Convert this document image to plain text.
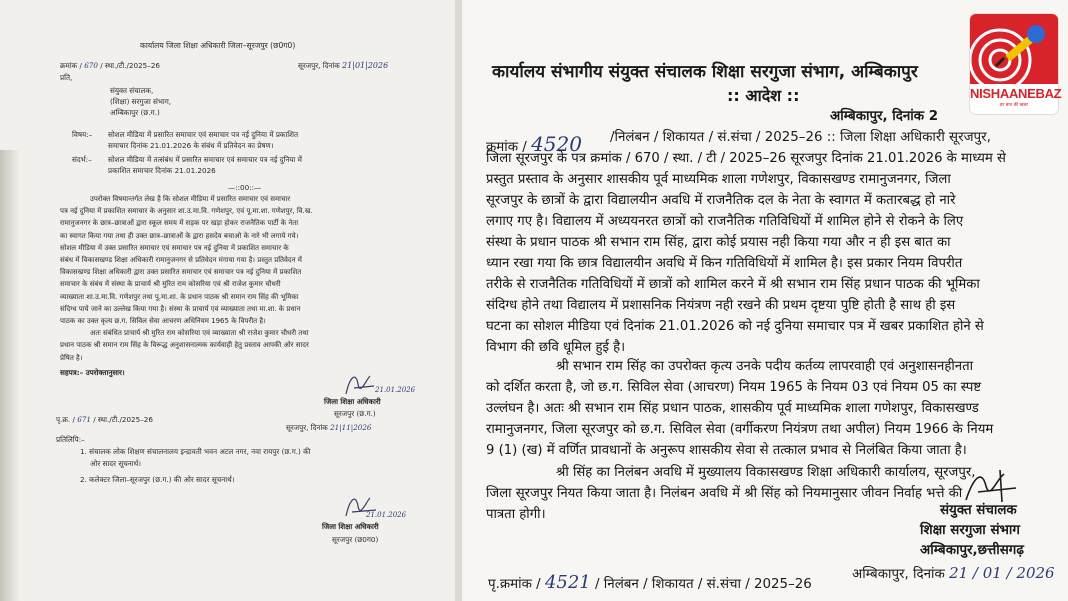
कार्यालय जिला शिक्षा अधिकारी जिला–सूरजपुर (छ0ग0)
क्रमांक / 670 / स्था./टी./2025–26	सूरजपुर, दिनांक 21|01|2026
प्रति,
संयुक्त संचालक,
(शिक्षा) सरगुजा संभाग,
अम्बिकापुर (छ.ग.)
विषय:– सोशल मीडिया में प्रसारित समाचार एवं समाचार पत्र नई दुनिया में प्रकाशित
समाचार दिनांक 21.01.2026 के संबंध में प्रतिवेदन का प्रेषण।
संदर्भ:– सोशल मीडिया में तत्संबंध में प्रसारित समाचार एवं समाचार पत्र नई दुनिया में
प्रकाशित समाचार दिनांक 21.01.2026
—::00::—
उपरोक्त विषयान्तर्गत लेख है कि सोशल मीडिया में प्रसारित समाचार एवं समाचार
पत्र नई दुनिया में प्रकाशित समाचार के अनुसार शा.उ.मा.वि. गणेशपुर, एवं पू.मा.शा. गणेशपुर, वि.ख.
रामानुजनगर के छात्र–छात्राओं द्वारा स्कूल समय में सड़क पर खड़ा होकर राजनैतिक पार्टी के नेता
का स्वागत किया गया तथा ही उक्त छात्र–छात्राओं के द्वारा हसदेव बचाओ के नारे भी लगाये गये।
सोशल मीडिया में उक्त प्रसारित समाचार एवं समाचार पत्र नई दुनिया में प्रकाशित समाचार के
संबंध में विकासखण्ड शिक्षा अधिकारी रामानुजनगर से प्रतिवेदन मंगाया गया है। प्रस्तुत प्रतिवेदन में
विकासखण्ड शिक्षा अधिकारी द्वारा उक्त प्रसारित समाचार एवं समाचार पत्र नई दुनिया में प्रकाशित
समाचार के संबंध में संस्था के प्राचार्य श्री मुरित राम कोसरिया एवं श्री राजेश कुमार चौधरी
व्याख्याता शा.उ.मा.वि. गणेशपुर तथा पू.मा.शा. के प्रधान पाठक श्री समान राम सिंह की भूमिका
संदिग्ध पाये जाने का उल्लेख किया गया है। संस्था के प्राचार्य एवं व्याख्याता तथा मा.शा. के प्रधान
पाठक का उक्त कृत्य छ.ग. सिविल सेवा आचरण अधिनियम 1965 के विपरीत है।
अतः संबंधित प्राचार्य श्री मुरित राम कोसरिया एवं व्याख्याता श्री राजेश कुमार चौधरी तथा
प्रधान पाठक श्री समान राम सिंह के विरूद्ध अनुशासनात्मक कार्यवाही हेतु प्रस्ताव आपकी ओर सादर
प्रेषित है।
सहपत्र:– उपरोक्तानुसार।
21.01.2026
जिला शिक्षा अधिकारी
सूरजपुर (छ.ग.)
पृ.क्र. / 671 / स्था./टी./2025–26
सूरजपुर, दिनांक 21|11|2026
प्रतिलिपि:–
1. संचालक लोक शिक्षण संचालनालय इन्द्रावती भवन अटल नगर, नवा रायपुर (छ.ग.) की
ओर सादर सूचनार्थ।
2. कलेक्टर जिला–सूरजपुर (छ.ग.) की ओर सादर सूचनार्थ।
21.01.2026
जिला शिक्षा अधिकारी
सूरजपुर (छ0ग0)
कार्यालय संभागीय संयुक्त संचालक शिक्षा सरगुजा संभाग, अम्बिकापुर
:: आदेश ::
अम्बिकापुर, दिनांक 2
क्रमांक / 4520 /निलंबन / शिकायत / सं.संचा / 2025–26 :: जिला शिक्षा अधिकारी सूरजपुर,
जिला सूरजपुर के पत्र क्रमांक / 670 / स्था. / टी / 2025–26 सूरजपुर दिनांक 21.01.2026 के माध्यम से
प्रस्तुत प्रस्ताव के अनुसार शासकीय पूर्व माध्यमिक शाला गणेशपुर, विकासखण्ड रामानुजनगर, जिला
सूरजपुर के छात्रों के द्वारा विद्यालयीन अवधि में राजनैतिक दल के नेता के स्वागत में कतारबद्ध हो नारे
लगाए गए है। विद्यालय में अध्ययनरत छात्रों को राजनैतिक गतिविधियों में शामिल होने से रोकने के लिए
संस्था के प्रधान पाठक श्री सभान राम सिंह, द्वारा कोई प्रयास नही किया गया और न ही इस बात का
ध्यान रखा गया कि छात्र विद्यालयीन अवधि में किन गतिविधियों में शामिल है। इस प्रकार नियम विपरीत
तरीके से राजनैतिक गतिविधियों में छात्रों को शामिल करने में श्री सभान राम सिंह प्रधान पाठक की भूमिका
संदिग्ध होने तथा विद्यालय में प्रशासनिक नियंत्रण नही रखने की प्रथम दृष्टया पुष्टि होती है साथ ही इस
घटना का सोशल मीडिया एवं दिनांक 21.01.2026 को नई दुनिया समाचार पत्र में खबर प्रकाशित होने से
विभाग की छवि धूमिल हुई है।
श्री सभान राम सिंह का उपरोक्त कृत्य उनके पदीय कर्तव्य लापरवाही एवं अनुशासनहीनता
को दर्शित करता है, जो छ.ग. सिविल सेवा (आचरण) नियम 1965 के नियम 03 एवं नियम 05 का स्पष्ट
उल्लंघन है। अतः श्री सभान राम सिंह प्रधान पाठक, शासकीय पूर्व माध्यमिक शाला गणेशपुर, विकासखण्ड
रामानुजनगर, जिला सूरजपुर को छ.ग. सिविल सेवा (वर्गीकरण नियंत्रण तथा अपील) नियम 1966 के नियम
9 (1) (ख) में वर्णित प्रावधानों के अनुरूप शासकीय सेवा से तत्काल प्रभाव से निलंबित किया जाता है।
श्री सिंह का निलंबन अवधि में मुख्यालय विकासखण्ड शिक्षा अधिकारी कार्यालय, सूरजपुर,
जिला सूरजपुर नियत किया जाता है। निलंबन अवधि में श्री सिंह को नियमानुसार जीवन निर्वाह भत्ते की
पात्रता होगी।	संयुक्त संचालक
शिक्षा सरगुजा संभाग
अम्बिकापुर,छत्तीसगढ़
पृ.क्रमांक / 4521 / निलंबन / शिकायत / सं.संचा / 2025–26
अम्बिकापुर, दिनांक 21 / 01 / 2026
NISHAANEBAZ
हर बात की खबर
